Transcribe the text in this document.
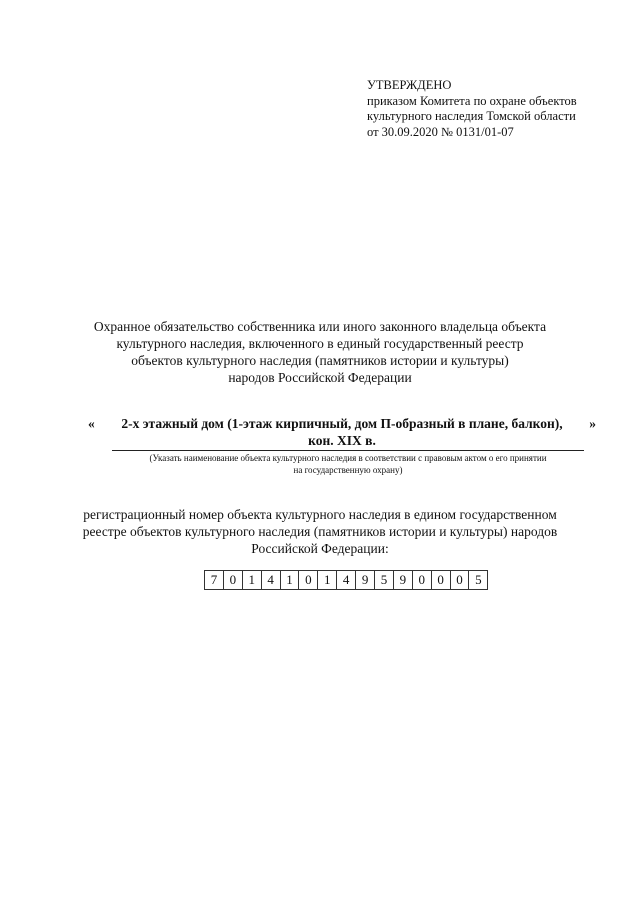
УТВЕРЖДЕНО
приказом Комитета по охране объектов
культурного наследия Томской области
от 30.09.2020 № 0131/01-07
Охранное обязательство собственника или иного законного владельца объекта
культурного наследия, включенного в единый государственный реестр
объектов культурного наследия (памятников истории и культуры)
народов Российской Федерации
«	2-х этажный дом (1-этаж кирпичный, дом П-образный в плане, балкон),
кон. XIX в.
»
(Указать наименование объекта культурного наследия в соответствии с правовым актом о его принятии
на государственную охрану)
регистрационный номер объекта культурного наследия в едином государственном
реестре объектов культурного наследия (памятников истории и культуры) народов
Российской Федерации:
7 0 1 4 1 0 1 4 9 5 9 0 0 0 5
